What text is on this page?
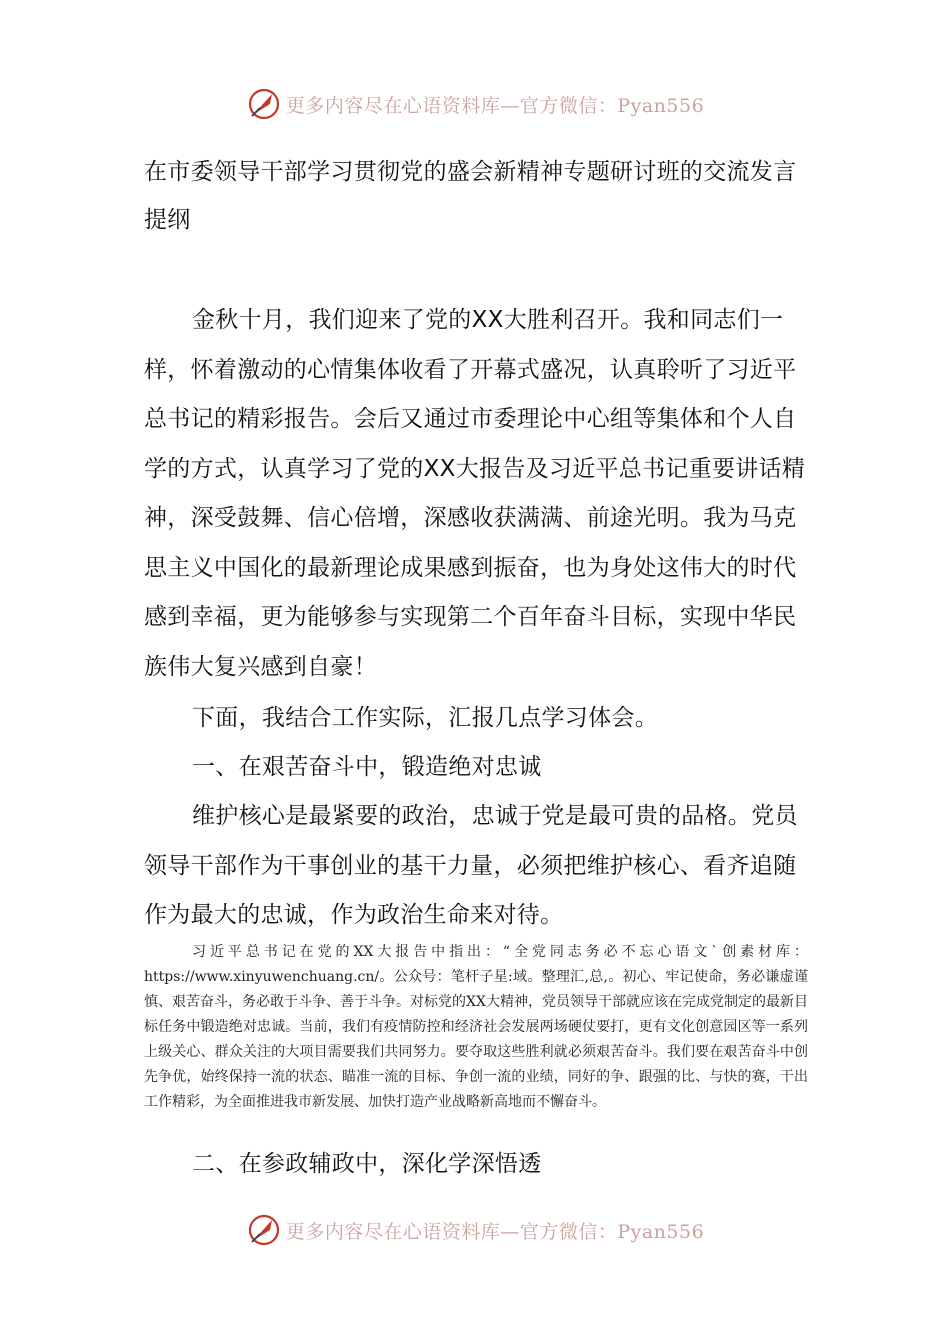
更多内容尽在心语资料库—官方微信：Pyan556
在市委领导干部学习贯彻党的盛会新精神专题研讨班的交流发言提纲

金秋十月，我们迎来了党的XX大胜利召开。我和同志们一样，怀着激动的心情集体收看了开幕式盛况，认真聆听了习近平总书记的精彩报告。会后又通过市委理论中心组等集体和个人自学的方式，认真学习了党的XX大报告及习近平总书记重要讲话精神，深受鼓舞、信心倍增，深感收获满满、前途光明。我为马克思主义中国化的最新理论成果感到振奋，也为身处这伟大的时代感到幸福，更为能够参与实现第二个百年奋斗目标，实现中华民族伟大复兴感到自豪！

下面，我结合工作实际，汇报几点学习体会。

一、在艰苦奋斗中，锻造绝对忠诚

维护核心是最紧要的政治，忠诚于党是最可贵的品格。党员领导干部作为干事创业的基干力量，必须把维护核心、看齐追随作为最大的忠诚，作为政治生命来对待。

习近平总书记在党的XX大报告中指出：“全党同志务必不忘心语文`创素材库：https://www.xinyuwenchuang.cn/。公众号：笔杆子星:域。整理汇,总,。初心、牢记使命，务必谦虚谨慎、艰苦奋斗，务必敢于斗争、善于斗争。对标党的XX大精神，党员领导干部就应该在完成党制定的最新目标任务中锻造绝对忠诚。当前，我们有疫情防控和经济社会发展两场硬仗要打，更有文化创意园区等一系列上级关心、群众关注的大项目需要我们共同努力。要夺取这些胜利就必须艰苦奋斗。我们要在艰苦奋斗中创先争优，始终保持一流的状态、瞄准一流的目标、争创一流的业绩，同好的争、跟强的比、与快的赛，干出工作精彩，为全面推进我市新发展、加快打造产业战略新高地而不懈奋斗。

二、在参政辅政中，深化学深悟透

更多内容尽在心语资料库—官方微信：Pyan556
